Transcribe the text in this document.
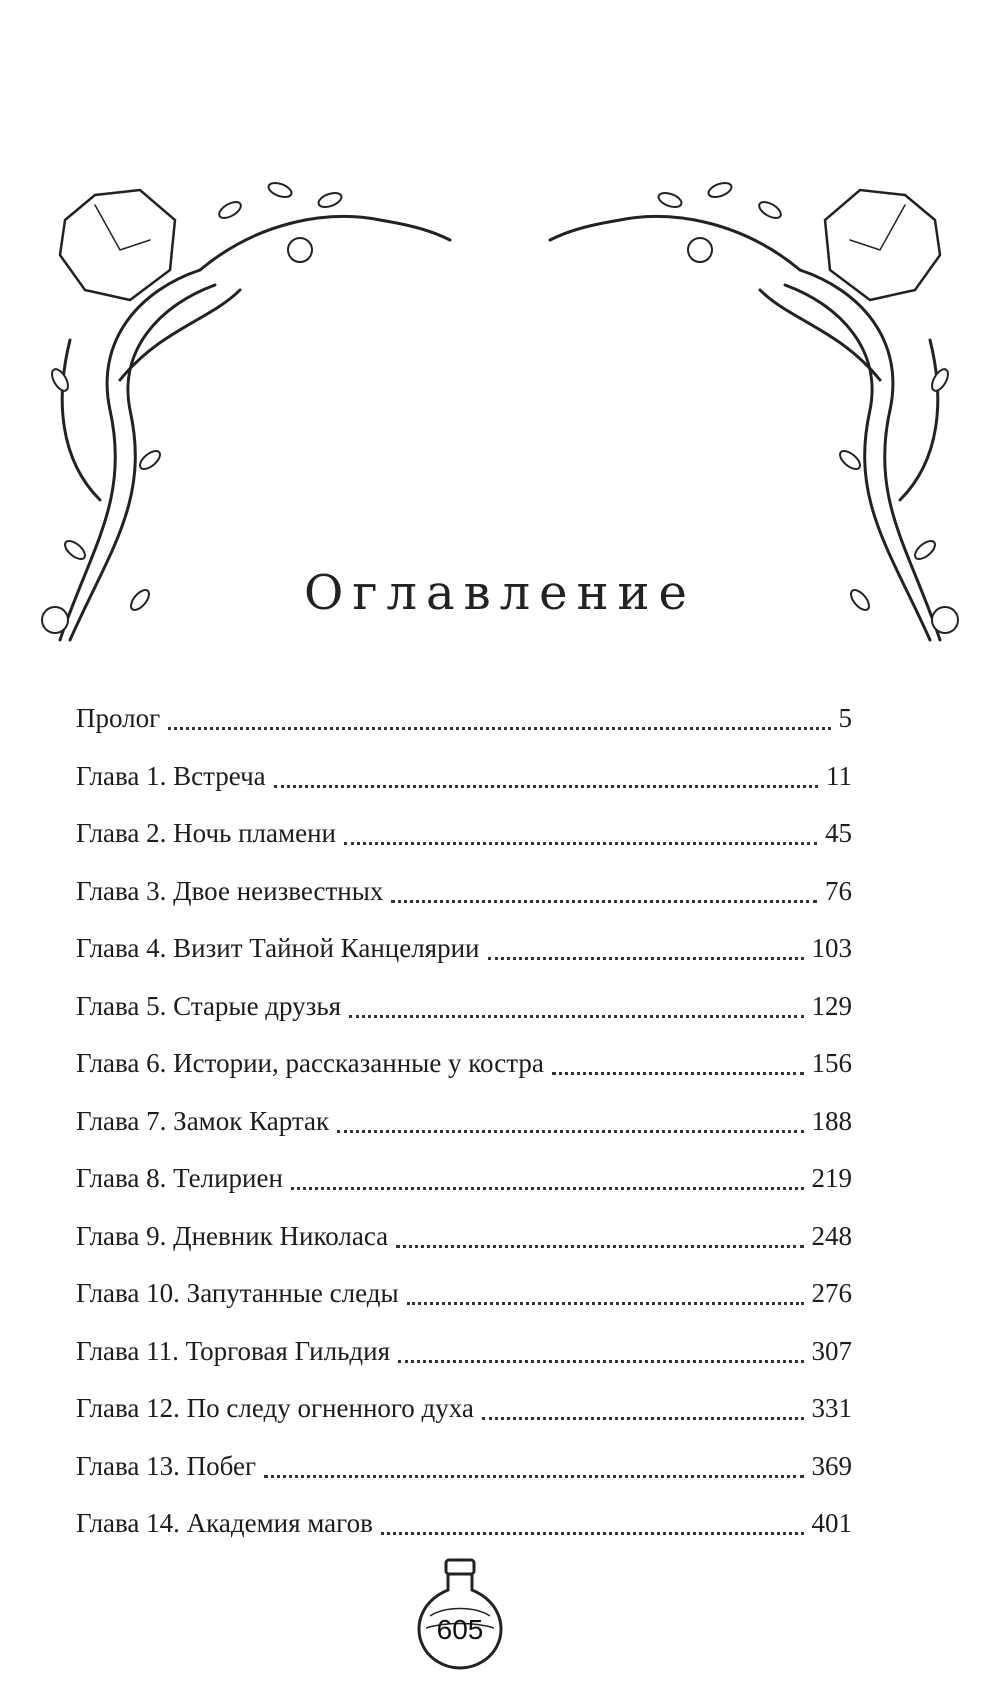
Оглавление
Пролог	5
Глава 1. Встреча	11
Глава 2. Ночь пламени	45
Глава 3. Двое неизвестных	76
Глава 4. Визит Тайной Канцелярии	103
Глава 5. Старые друзья	129
Глава 6. Истории, рассказанные у костра	156
Глава 7. Замок Картак	188
Глава 8. Телириен	219
Глава 9. Дневник Николаса	248
Глава 10. Запутанные следы	276
Глава 11. Торговая Гильдия	307
Глава 12. По следу огненного духа	331
Глава 13. Побег	369
Глава 14. Академия магов	401
605
